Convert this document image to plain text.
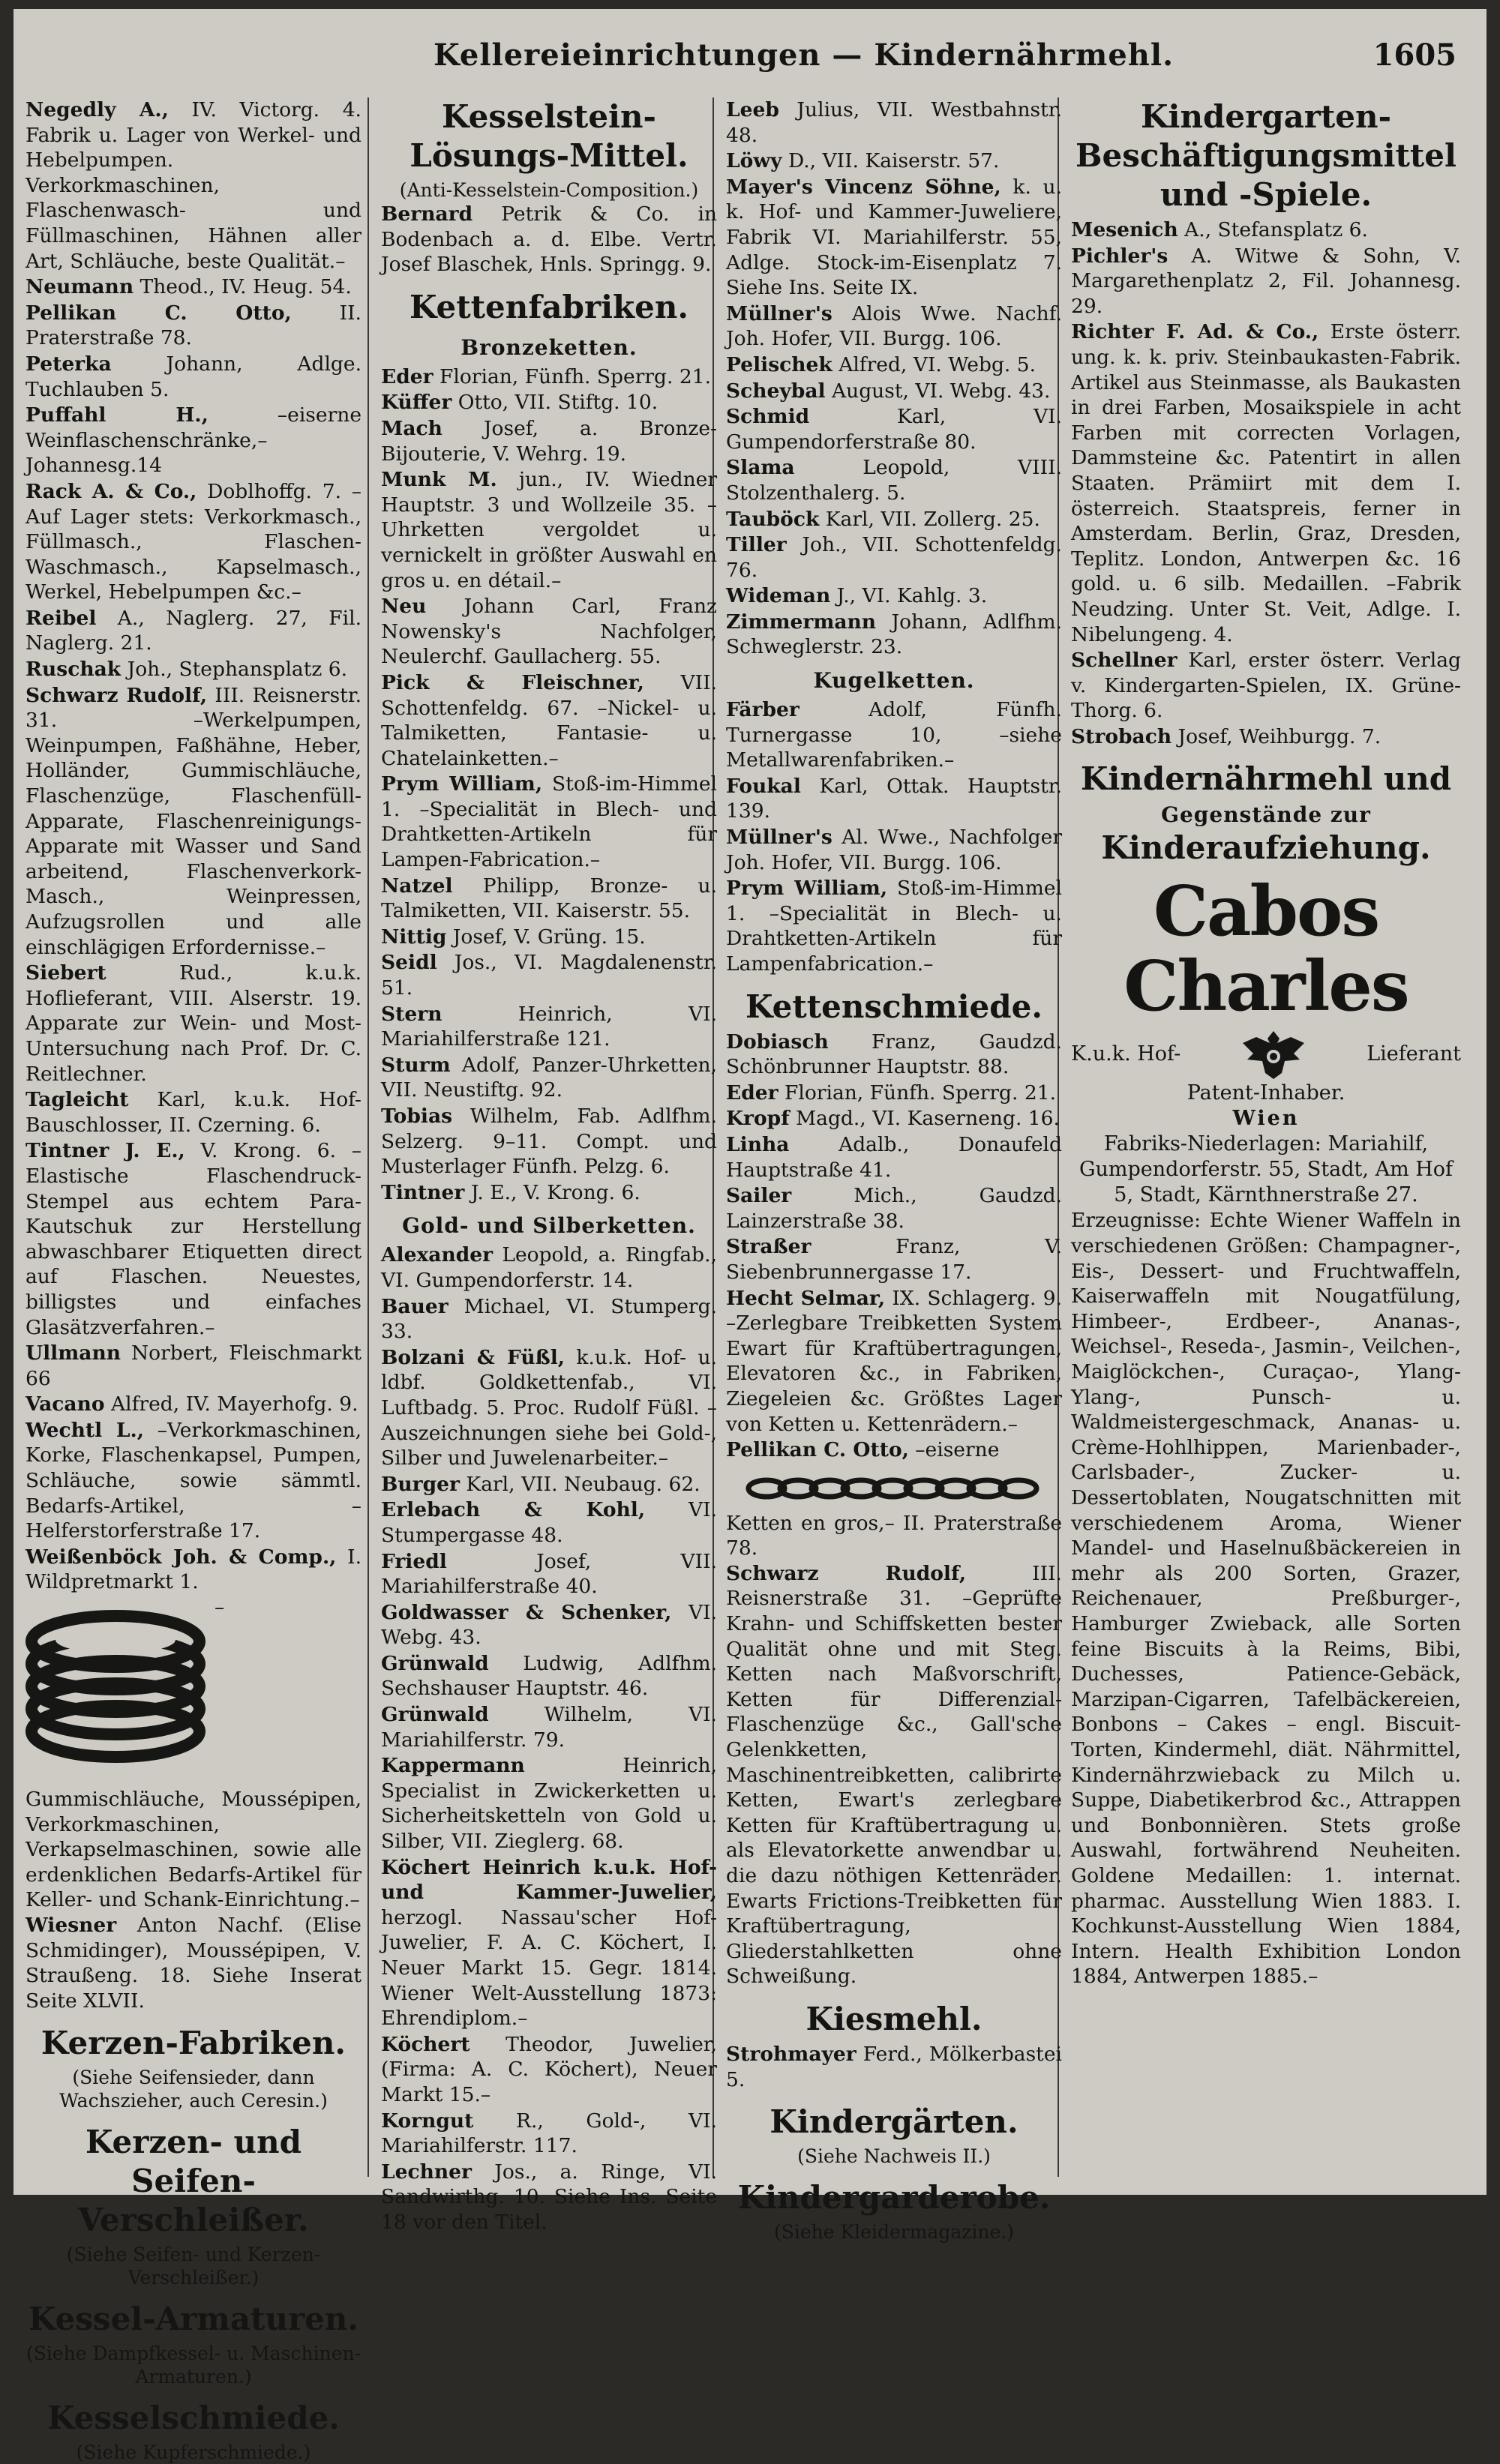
Kellereieinrichtungen — Kindernährmehl.	1605

Negedly A., IV. Victorg. 4. Fabrik u. Lager von Werkel- und Hebelpumpen. Verkorkmaschinen, Flaschenwasch- und Füllmaschinen, Hähnen aller Art, Schläuche, beste Qualität.–

Neumann Theod., IV. Heug. 54.

Pellikan C. Otto, II. Praterstraße 78.

Peterka Johann, Adlge. Tuchlauben 5.

Puffahl H., –eiserne Weinflaschenschränke,–Johannesg.14

Rack A. & Co., Doblhoffg. 7. –Auf Lager stets: Verkorkmasch., Füllmasch., Flaschen-Waschmasch., Kapselmasch., Werkel, Hebelpumpen &c.–

Reibel A., Naglerg. 27, Fil. Naglerg. 21.

Ruschak Joh., Stephansplatz 6.

Schwarz Rudolf, III. Reisnerstr. 31. –Werkelpumpen, Weinpumpen, Faßhähne, Heber, Holländer, Gummischläuche, Flaschenzüge, Flaschenfüll-Apparate, Flaschenreinigungs-Apparate mit Wasser und Sand arbeitend, Flaschenverkork-Masch., Weinpressen, Aufzugsrollen und alle einschlägigen Erfordernisse.–

Siebert Rud., k.u.k. Hoflieferant, VIII. Alserstr. 19. Apparate zur Wein- und Most-Untersuchung nach Prof. Dr. C. Reitlechner.

Tagleicht Karl, k.u.k. Hof-Bauschlosser, II. Czerning. 6.

Tintner J. E., V. Krong. 6. –Elastische Flaschendruck-Stempel aus echtem Para-Kautschuk zur Herstellung abwaschbarer Etiquetten direct auf Flaschen. Neuestes, billigstes und einfaches Glasätzverfahren.–

Ullmann Norbert, Fleischmarkt 66

Vacano Alfred, IV. Mayerhofg. 9.

Wechtl L., –Verkorkmaschinen, Korke, Flaschenkapsel, Pumpen, Schläuche, sowie sämmtl. Bedarfs-Artikel, –Helferstorferstraße 17.

Weißenböck Joh. & Comp., I. Wildpretmarkt 1.

–Gummischläuche, Moussépipen, Verkorkmaschinen, Verkapselmaschinen, sowie alle erdenklichen Bedarfs-Artikel für Keller- und Schank-Einrichtung.–

Wiesner Anton Nachf. (Elise Schmidinger), Moussépipen, V. Straußeng. 18. Siehe Inserat Seite XLVII.

Kerzen-Fabriken.
(Siehe Seifensieder, dann Wachszieher, auch Ceresin.)
Kerzen- und Seifen-Verschleißer.
(Siehe Seifen- und Kerzen-Verschleißer.)
Kessel-Armaturen.
(Siehe Dampfkessel- u. Maschinen-Armaturen.)
Kesselschmiede.
(Siehe Kupferschmiede.)
Kesselstein-Lösungs-Mittel.
(Anti-Kesselstein-Composition.)

Bernard Petrik & Co. in Bodenbach a. d. Elbe. Vertr. Josef Blaschek, Hnls. Springg. 9.

Kettenfabriken.
Bronzeketten.

Eder Florian, Fünfh. Sperrg. 21.

Küffer Otto, VII. Stiftg. 10.

Mach Josef, a. Bronze-Bijouterie, V. Wehrg. 19.

Munk M. jun., IV. Wiedner Hauptstr. 3 und Wollzeile 35. –Uhrketten vergoldet u. vernickelt in größter Auswahl en gros u. en détail.–

Neu Johann Carl, Franz Nowensky's Nachfolger, Neulerchf. Gaullacherg. 55.

Pick & Fleischner, VII. Schottenfeldg. 67. –Nickel- u. Talmiketten, Fantasie- u. Chatelainketten.–

Prym William, Stoß-im-Himmel 1. –Specialität in Blech- und Drahtketten-Artikeln für Lampen-Fabrication.–

Natzel Philipp, Bronze- u. Talmiketten, VII. Kaiserstr. 55.

Nittig Josef, V. Grüng. 15.

Seidl Jos., VI. Magdalenenstr. 51.

Stern Heinrich, VI. Mariahilferstraße 121.

Sturm Adolf, Panzer-Uhrketten, VII. Neustiftg. 92.

Tobias Wilhelm, Fab. Adlfhm. Selzerg. 9–11. Compt. und Musterlager Fünfh. Pelzg. 6.

Tintner J. E., V. Krong. 6.

Gold- und Silberketten.

Alexander Leopold, a. Ringfab., VI. Gumpendorferstr. 14.

Bauer Michael, VI. Stumperg. 33.

Bolzani & Füßl, k.u.k. Hof- u. ldbf. Goldkettenfab., VI. Luftbadg. 5. Proc. Rudolf Füßl. –Auszeichnungen siehe bei Gold-, Silber und Juwelenarbeiter.–

Burger Karl, VII. Neubaug. 62.

Erlebach & Kohl, VI. Stumpergasse 48.

Friedl Josef, VII. Mariahilferstraße 40.

Goldwasser & Schenker, VI. Webg. 43.

Grünwald Ludwig, Adlfhm. Sechshauser Hauptstr. 46.

Grünwald Wilhelm, VI. Mariahilferstr. 79.

Kappermann Heinrich, Specialist in Zwickerketten u. Sicherheitsketteln von Gold u. Silber, VII. Zieglerg. 68.

Köchert Heinrich k.u.k. Hof- und Kammer-Juwelier, herzogl. Nassau'scher Hof-Juwelier, F. A. C. Köchert, I. Neuer Markt 15. Gegr. 1814. Wiener Welt-Ausstellung 1873: Ehrendiplom.–

Köchert Theodor, Juwelier, (Firma: A. C. Köchert), Neuer Markt 15.–

Korngut R., Gold-, VI. Mariahilferstr. 117.

Lechner Jos., a. Ringe, VI. Sandwirthg. 10. Siehe Ins. Seite 18 vor den Titel.

Leeb Julius, VII. Westbahnstr. 48.

Löwy D., VII. Kaiserstr. 57.

Mayer's Vincenz Söhne, k. u. k. Hof- und Kammer-Juweliere, Fabrik VI. Mariahilferstr. 55, Adlge. Stock-im-Eisenplatz 7. Siehe Ins. Seite IX.

Müllner's Alois Wwe. Nachf. Joh. Hofer, VII. Burgg. 106.

Pelischek Alfred, VI. Webg. 5.

Scheybal August, VI. Webg. 43.

Schmid Karl, VI. Gumpendorferstraße 80.

Slama Leopold, VIII. Stolzenthalerg. 5.

Tauböck Karl, VII. Zollerg. 25.

Tiller Joh., VII. Schottenfeldg. 76.

Wideman J., VI. Kahlg. 3.

Zimmermann Johann, Adlfhm. Schweglerstr. 23.

Kugelketten.

Färber Adolf, Fünfh. Turnergasse 10, –siehe Metallwarenfabriken.–

Foukal Karl, Ottak. Hauptstr. 139.

Müllner's Al. Wwe., Nachfolger Joh. Hofer, VII. Burgg. 106.

Prym William, Stoß-im-Himmel 1. –Specialität in Blech- u. Drahtketten-Artikeln für Lampenfabrication.–

Kettenschmiede.

Dobiasch Franz, Gaudzd. Schönbrunner Hauptstr. 88.

Eder Florian, Fünfh. Sperrg. 21.

Kropf Magd., VI. Kaserneng. 16.

Linha Adalb., Donaufeld Hauptstraße 41.

Sailer Mich., Gaudzd. Lainzerstraße 38.

Straßer Franz, V. Siebenbrunnergasse 17.

Hecht Selmar, IX. Schlagerg. 9. –Zerlegbare Treibketten System Ewart für Kraftübertragungen, Elevatoren &c., in Fabriken, Ziegeleien &c. Größtes Lager von Ketten u. Kettenrädern.–

Pellikan C. Otto, –eiserne

Ketten en gros,– II. Praterstraße 78.

Schwarz Rudolf, III. Reisnerstraße 31. –Geprüfte Krahn- und Schiffsketten bester Qualität ohne und mit Steg. Ketten nach Maßvorschrift, Ketten für Differenzial-Flaschenzüge &c., Gall'sche Gelenkketten, Maschinentreibketten, calibrirte Ketten, Ewart's zerlegbare Ketten für Kraftübertragung u. als Elevatorkette anwendbar u. die dazu nöthigen Kettenräder. Ewarts Frictions-Treibketten für Kraftübertragung, Gliederstahlketten ohne Schweißung.

Kiesmehl.

Strohmayer Ferd., Mölkerbastei 5.

Kindergärten.
(Siehe Nachweis II.)
Kindergarderobe.
(Siehe Kleidermagazine.)
Kindergarten-Beschäftigungsmittel und -Spiele.

Mesenich A., Stefansplatz 6.

Pichler's A. Witwe & Sohn, V. Margarethenplatz 2, Fil. Johannesg. 29.

Richter F. Ad. & Co., Erste österr. ung. k. k. priv. Steinbaukasten-Fabrik. Artikel aus Steinmasse, als Baukasten in drei Farben, Mosaikspiele in acht Farben mit correcten Vorlagen, Dammsteine &c. Patentirt in allen Staaten. Prämiirt mit dem I. österreich. Staatspreis, ferner in Amsterdam. Berlin, Graz, Dresden, Teplitz. London, Antwerpen &c. 16 gold. u. 6 silb. Medaillen. –Fabrik Neudzing. Unter St. Veit, Adlge. I. Nibelungeng. 4.

Schellner Karl, erster österr. Verlag v. Kindergarten-Spielen, IX. Grüne-Thorg. 6.

Strobach Josef, Weihburgg. 7.

Kindernährmehl und
Gegenstände zur
Kinderaufziehung.
Cabos Charles
K.u.k. Hof-	Lieferant
Patent-Inhaber.
Wien
Fabriks-Niederlagen: Mariahilf, Gumpendorferstr. 55, Stadt, Am Hof 5, Stadt, Kärnthnerstraße 27.

Erzeugnisse: Echte Wiener Waffeln in verschiedenen Größen: Champagner-, Eis-, Dessert- und Fruchtwaffeln, Kaiserwaffeln mit Nougatfülung, Himbeer-, Erdbeer-, Ananas-, Weichsel-, Reseda-, Jasmin-, Veilchen-, Maiglöckchen-, Curaçao-, Ylang-Ylang-, Punsch- u. Waldmeistergeschmack, Ananas- u. Crème-Hohlhippen, Marienbader-, Carlsbader-, Zucker- u. Dessertoblaten, Nougatschnitten mit verschiedenem Aroma, Wiener Mandel- und Haselnußbäckereien in mehr als 200 Sorten, Grazer, Reichenauer, Preßburger-, Hamburger Zwieback, alle Sorten feine Biscuits à la Reims, Bibi, Duchesses, Patience-Gebäck, Marzipan-Cigarren, Tafelbäckereien, Bonbons – Cakes – engl. Biscuit-Torten, Kindermehl, diät. Nährmittel, Kindernährzwieback zu Milch u. Suppe, Diabetikerbrod &c., Attrappen und Bonbonnièren. Stets große Auswahl, fortwährend Neuheiten. Goldene Medaillen: 1. internat. pharmac. Ausstellung Wien 1883. I. Kochkunst-Ausstellung Wien 1884, Intern. Health Exhibition London 1884, Antwerpen 1885.–
